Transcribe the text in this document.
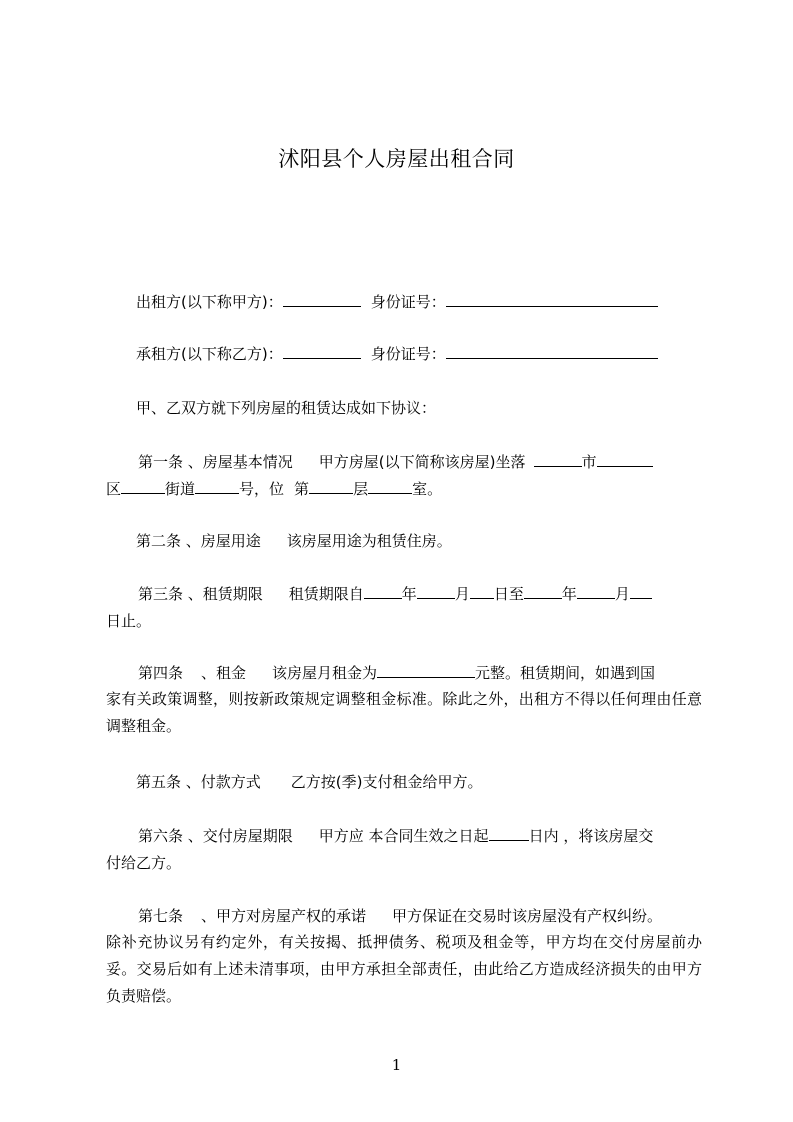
沭阳县个人房屋出租合同
出租方(以下称甲方)：	身份证号：
承租方(以下称乙方)：	身份证号：
甲、乙双方就下列房屋的租赁达成如下协议：
第一条 、房屋基本情况 甲方房屋(以下简称该房屋)坐落	市
区	街道	号，位 第	层	室。
第二条 、房屋用途 该房屋用途为租赁住房。
第三条 、租赁期限 租赁期限自	年	月 日至	年	月
日止。
第四条 、租金 该房屋月租金为	元整。租赁期间，如遇到国
家有关政策调整，则按新政策规定调整租金标准。除此之外，出租方不得以任何理由任意调整租金。
第五条 、付款方式 乙方按(季)支付租金给甲方。
第六条 、交付房屋期限 甲方应 本合同生效之日起	日内 ，将该房屋交
付给乙方。
第七条 、甲方对房屋产权的承诺 甲方保证在交易时该房屋没有产权纠纷。
除补充协议另有约定外，有关按揭、抵押债务、税项及租金等，甲方均在交付房屋前办妥。交易后如有上述未清事项，由甲方承担全部责任，由此给乙方造成经济损失的由甲方负责赔偿。
1
